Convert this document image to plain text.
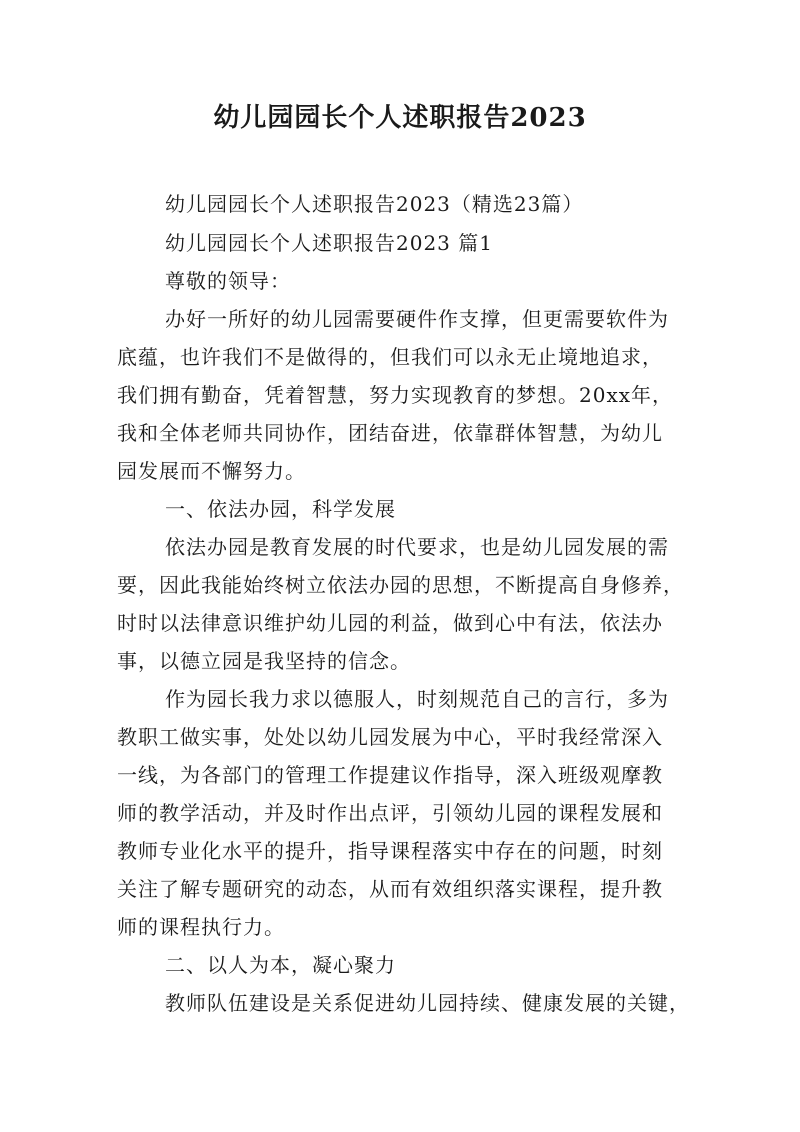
幼儿园园长个人述职报告2023
幼儿园园长个人述职报告2023（精选23篇）
幼儿园园长个人述职报告2023 篇1
尊敬的领导：
办好一所好的幼儿园需要硬件作支撑，但更需要软件为
底蕴，也许我们不是做得的，但我们可以永无止境地追求，
我们拥有勤奋，凭着智慧，努力实现教育的梦想。20xx年，
我和全体老师共同协作，团结奋进，依靠群体智慧，为幼儿
园发展而不懈努力。
一、依法办园，科学发展
依法办园是教育发展的时代要求，也是幼儿园发展的需
要，因此我能始终树立依法办园的思想，不断提高自身修养，
时时以法律意识维护幼儿园的利益，做到心中有法，依法办
事，以德立园是我坚持的信念。
作为园长我力求以德服人，时刻规范自己的言行，多为
教职工做实事，处处以幼儿园发展为中心，平时我经常深入
一线，为各部门的管理工作提建议作指导，深入班级观摩教
师的教学活动，并及时作出点评，引领幼儿园的课程发展和
教师专业化水平的提升，指导课程落实中存在的问题，时刻
关注了解专题研究的动态，从而有效组织落实课程，提升教
师的课程执行力。
二、以人为本，凝心聚力
教师队伍建设是关系促进幼儿园持续、健康发展的关键，
